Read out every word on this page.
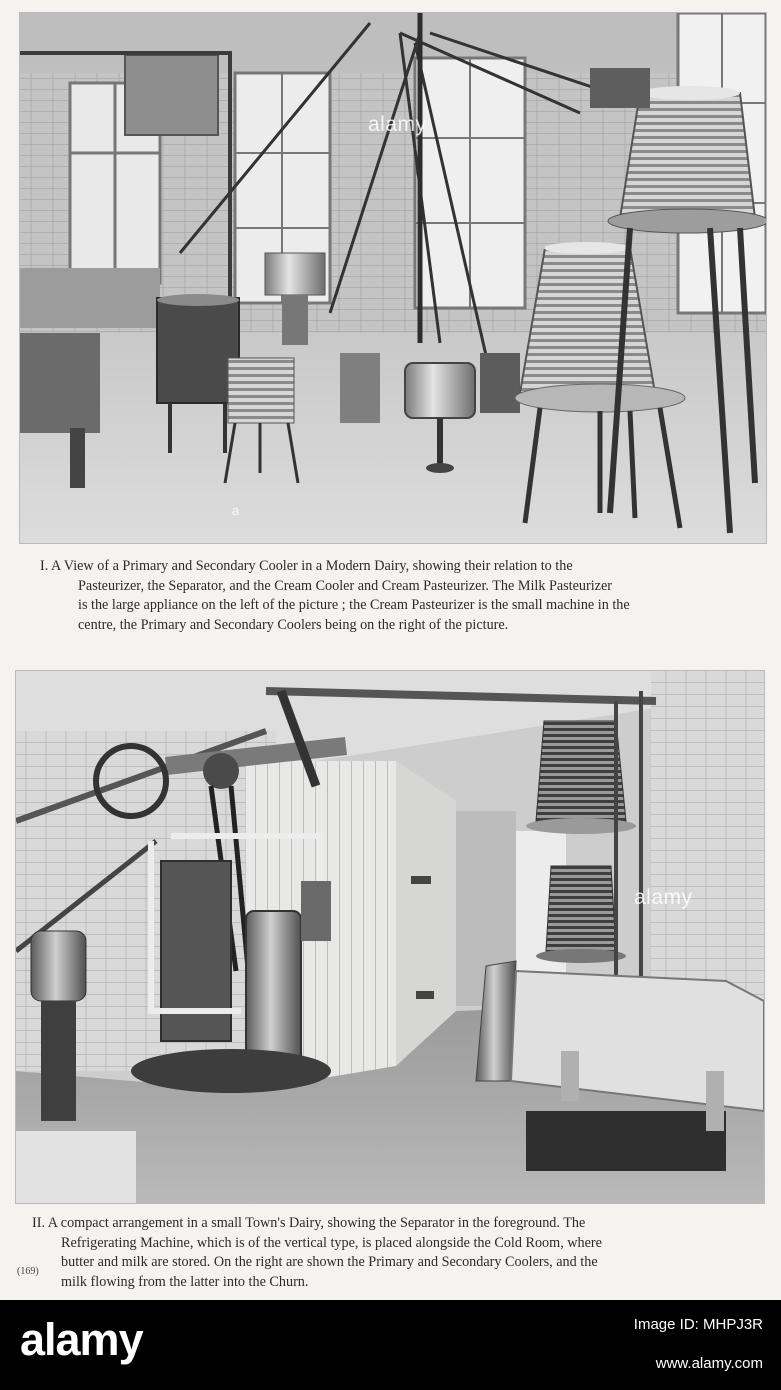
alamy
a
I. A View of a Primary and Secondary Cooler in a Modern Dairy, showing their relation to the
Pasteurizer, the Separator, and the Cream Cooler and Cream Pasteurizer. The Milk Pasteurizer
is the large appliance on the left of the picture ; the Cream Pasteurizer is the small machine in the
centre, the Primary and Secondary Coolers being on the right of the picture.
alamy
II. A compact arrangement in a small Town's Dairy, showing the Separator in the foreground. The
Refrigerating Machine, which is of the vertical type, is placed alongside the Cold Room, where
butter and milk are stored. On the right are shown the Primary and Secondary Coolers, and the
milk flowing from the latter into the Churn.
(169)
alamy	Image ID: MHPJ3R
www.alamy.com
